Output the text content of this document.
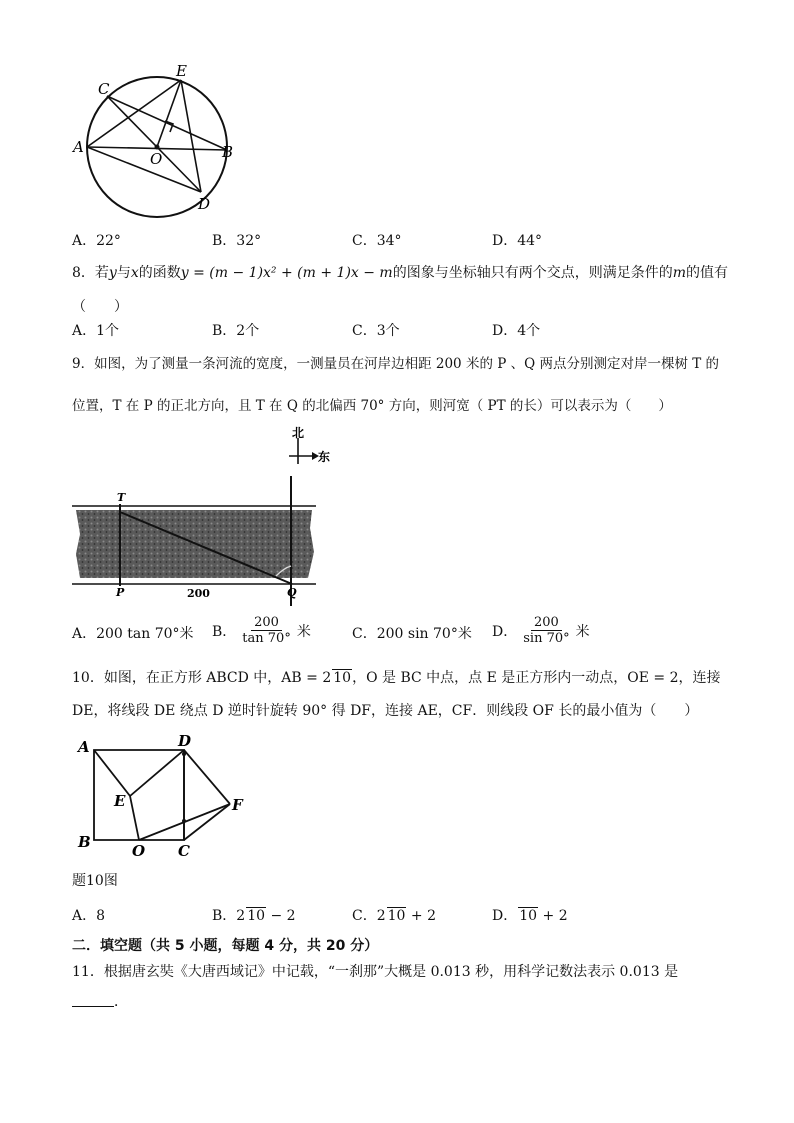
C
E
A
O	B
D
A．22°	B．32°	C．34°	D．44°
8．若y与x的函数y = (m − 1)x² + (m + 1)x − m的图象与坐标轴只有两个交点，则满足条件的m的值有
（　　）
A．1个	B．2个	C．3个	D．4个
9．如图，为了测量一条河流的宽度，一测量员在河岸边相距 200 米的 P 、Q 两点分别测定对岸一棵树 T 的
位置，T 在 P 的正北方向，且 T 在 Q 的北偏西 70° 方向，则河宽（ PT 的长）可以表示为（　　）
北
东
T
P	200	Q
A．200 tan 70°米 B． $\frac{200}{\tan 70^\circ}$ 米	C．200 sin 70°米 D． $\frac{200}{\sin 70^\circ}$ 米
10．如图，在正方形 ABCD 中，AB = 2 10，O 是 BC 中点，点 E 是正方形内一动点，OE = 2，连接
DE，将线段 DE 绕点 D 逆时针旋转 90° 得 DF，连接 AE，CF．则线段 OF 长的最小值为（　　）
A	D
E	F
B	O C
题10图
A．8	B．2 10 − 2	C．2 10 + 2	D． 10 + 2
二．填空题（共 5 小题，每题 4 分，共 20 分）
11．根据唐玄奘《大唐西域记》中记载，“一刹那”大概是 0.013 秒，用科学记数法表示 0.013 是
．
